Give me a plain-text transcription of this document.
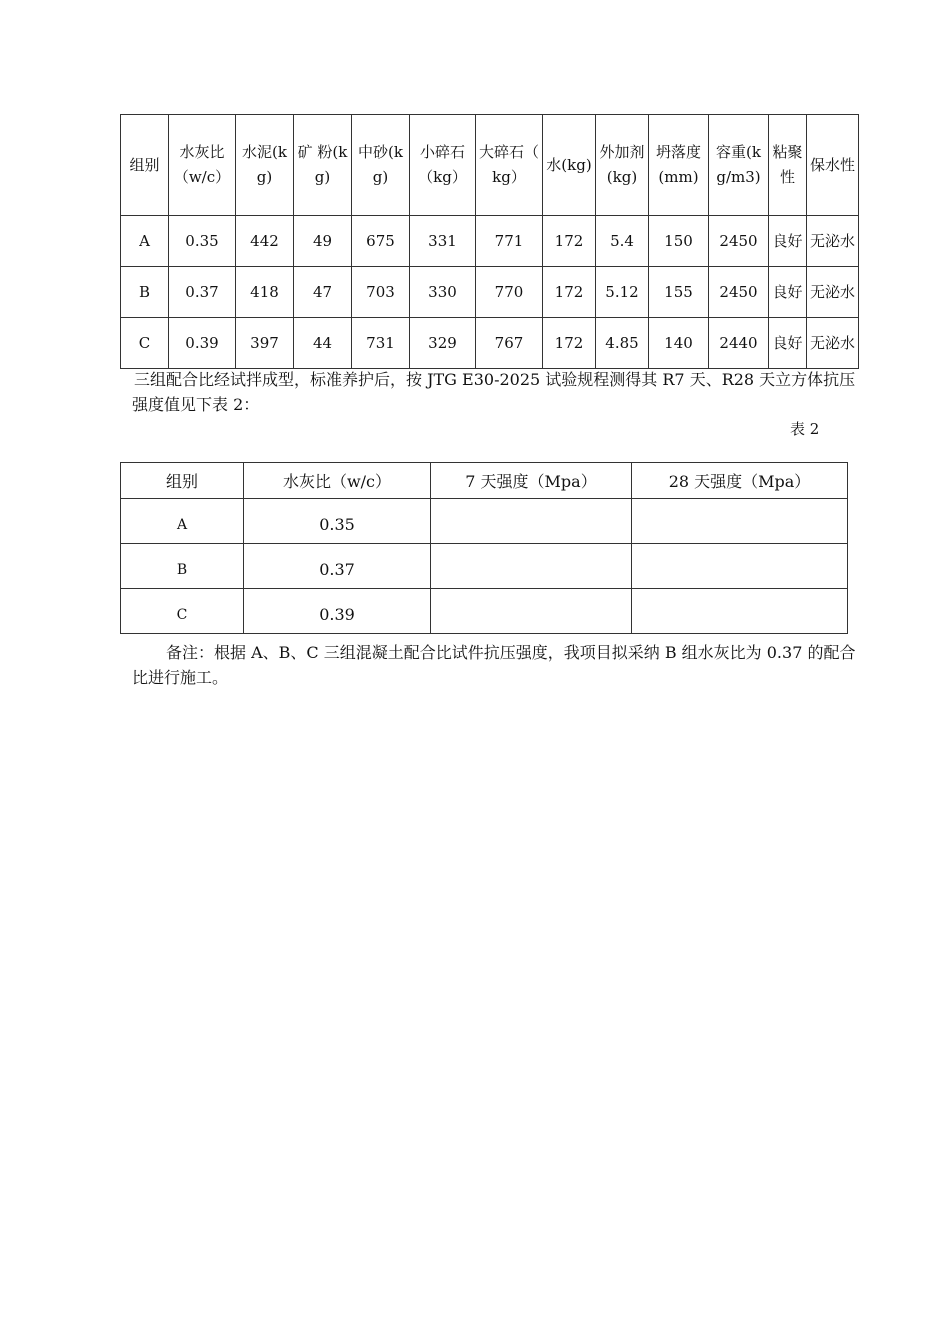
组别	水灰比（w/c）	水泥(kg)	矿 粉(kg)	中砂(kg)	小碎石（kg）	大碎石（ kg）	水(kg)	外加剂(kg)	坍落度(mm)	容重(kg/m3)	粘聚性	保水性
A	0.35	442	49	675	331	771	172	5.4	150	2450	良好	无泌水
B	0.37	418	47	703	330	770	172	5.12	155	2450	良好	无泌水
C	0.39	397	44	731	329	767	172	4.85	140	2440	良好	无泌水
三组配合比经试拌成型，标准养护后，按 JTG E30-2025 试验规程测得其 R7 天、R28 天立方体抗压强度值见下表 2：
表 2
组别	水灰比（w/c）	7 天强度（Mpa）	28 天强度（Mpa）
A	0.35		
B	0.37		
C	0.39		
备注：根据 A、B、C 三组混凝土配合比试件抗压强度，我项目拟采纳 B 组水灰比为 0.37 的配合比进行施工。
